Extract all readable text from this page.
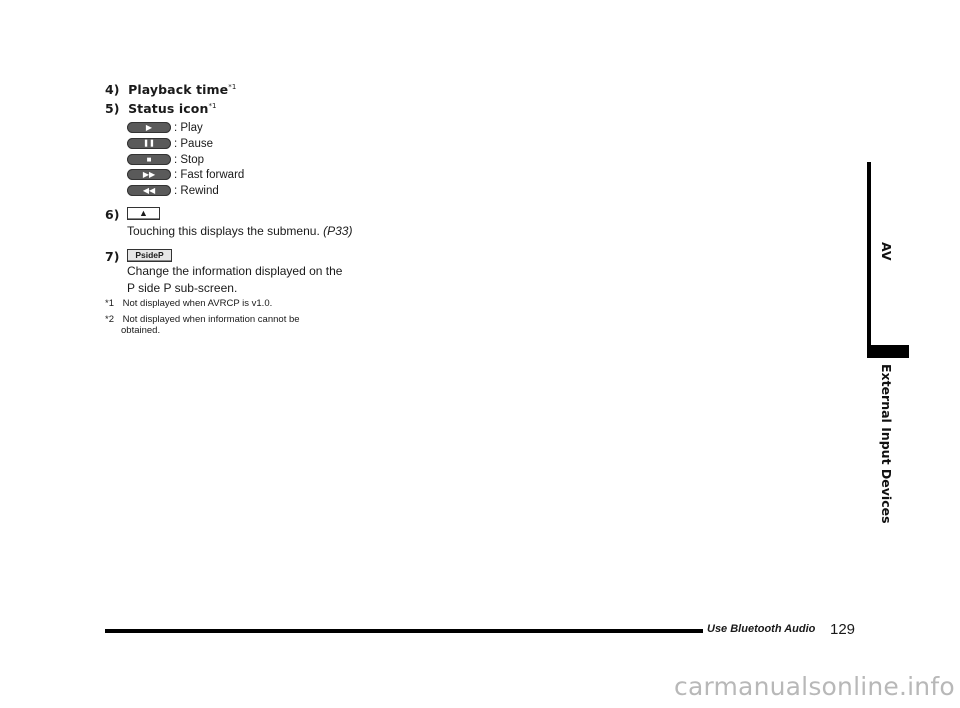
4) Playback time$^{*1}$
5) Status icon$^{*1}$
▶ : Play
❚❚ : Pause
■ : Stop
▶▶ : Fast forward
◀◀ : Rewind
6)	▲
Touching this displays the submenu. (P33)
7)	PsideP
Change the information displayed on the
P side P sub-screen.
*1 Not displayed when AVRCP is v1.0.
*2 Not displayed when information cannot be
obtained.
AV
External Input Devices
Use Bluetooth Audio 129
carmanualsonline.info
